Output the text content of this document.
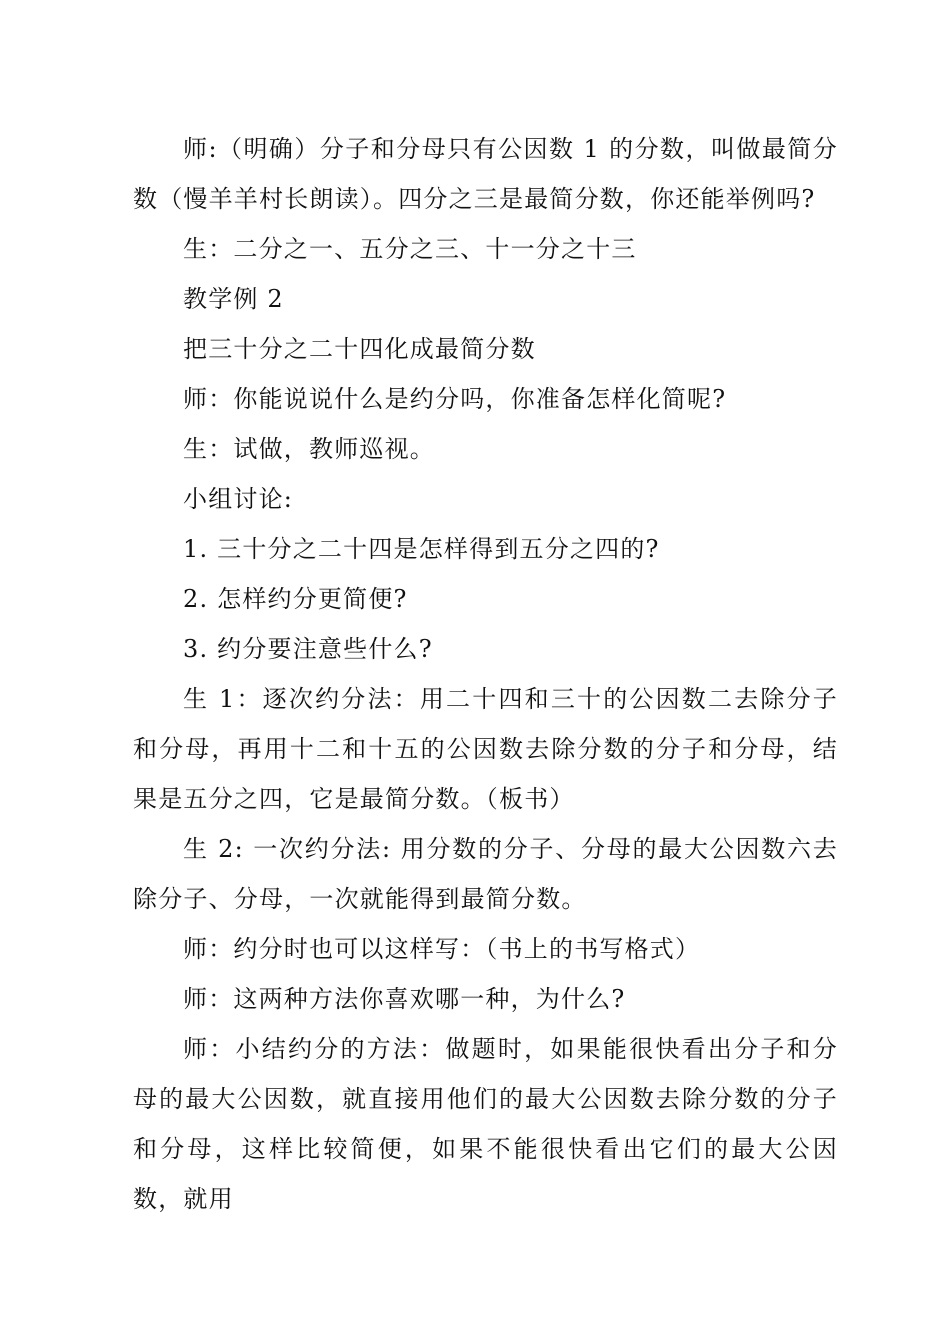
师:（明确）分子和分母只有公因数 1 的分数，叫做最简分数（慢羊羊村长朗读）。四分之三是最简分数，你还能举例吗?

生：二分之一、五分之三、十一分之十三

教学例 2

把三十分之二十四化成最简分数

师：你能说说什么是约分吗，你准备怎样化简呢?

生：试做，教师巡视。

小组讨论:

1. 三十分之二十四是怎样得到五分之四的?

2. 怎样约分更简便?

3. 约分要注意些什么?

生 1：逐次约分法：用二十四和三十的公因数二去除分子和分母，再用十二和十五的公因数去除分数的分子和分母，结果是五分之四，它是最简分数。（板书）

生 2: 一次约分法: 用分数的分子、分母的最大公因数六去除分子、分母，一次就能得到最简分数。

师：约分时也可以这样写：（书上的书写格式）

师：这两种方法你喜欢哪一种，为什么?

师：小结约分的方法：做题时，如果能很快看出分子和分母的最大公因数，就直接用他们的最大公因数去除分数的分子和分母，这样比较简便，如果不能很快看出它们的最大公因数，就用
